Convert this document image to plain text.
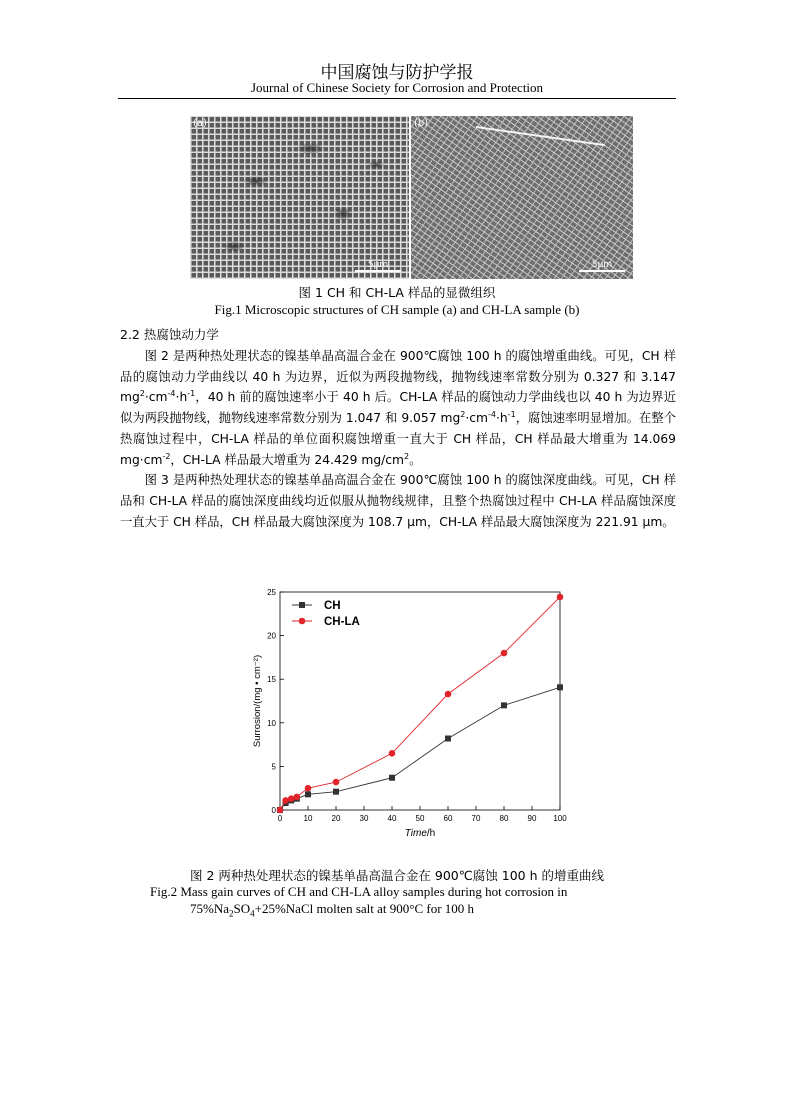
中国腐蚀与防护学报
Journal of Chinese Society for Corrosion and Protection
(a)
5μm
(b)
5μm
图 1 CH 和 CH-LA 样品的显微组织
Fig.1 Microscopic structures of CH sample (a) and CH-LA sample (b)
2.2 热腐蚀动力学

图 2 是两种热处理状态的镍基单晶高温合金在 900℃腐蚀 100 h 的腐蚀增重曲线。可见，CH 样品的腐蚀动力学曲线以 40 h 为边界，近似为两段抛物线，抛物线速率常数分别为 0.327 和 3.147 $mg^2\cdot cm^{-4}\cdot h^{-1}$，40 h 前的腐蚀速率小于 40 h 后。CH-LA 样品的腐蚀动力学曲线也以 40 h 为边界近似为两段抛物线，抛物线速率常数分别为 1.047 和 9.057 $mg^2\cdot cm^{-4}\cdot h^{-1}$，腐蚀速率明显增加。在整个热腐蚀过程中，CH-LA 样品的单位面积腐蚀增重一直大于 CH 样品，CH 样品最大增重为 14.069 $mg\cdot cm^{-2}$，CH-LA 样品最大增重为 24.429 $mg/cm^2$。

图 3 是两种热处理状态的镍基单晶高温合金在 900℃腐蚀 100 h 的腐蚀深度曲线。可见，CH 样品和 CH-LA 样品的腐蚀深度曲线均近似服从抛物线规律，且整个热腐蚀过程中 CH-LA 样品腐蚀深度一直大于 CH 样品，CH 样品最大腐蚀深度为 108.7 μm，CH-LA 样品最大腐蚀深度为 221.91 μm。

0	10 20 30 40 50 60 70 80 90 100
0
5
10
15
20
25
Time/h
Surrosion/(mg • cm⁻²)
CH
CH-LA
图 2 两种热处理状态的镍基单晶高温合金在 900℃腐蚀 100 h 的增重曲线
Fig.2 Mass gain curves of CH and CH-LA alloy samples during hot corrosion in
$75\%Na_2SO_4+25\%NaCl$ molten salt at 900°C for 100 h
